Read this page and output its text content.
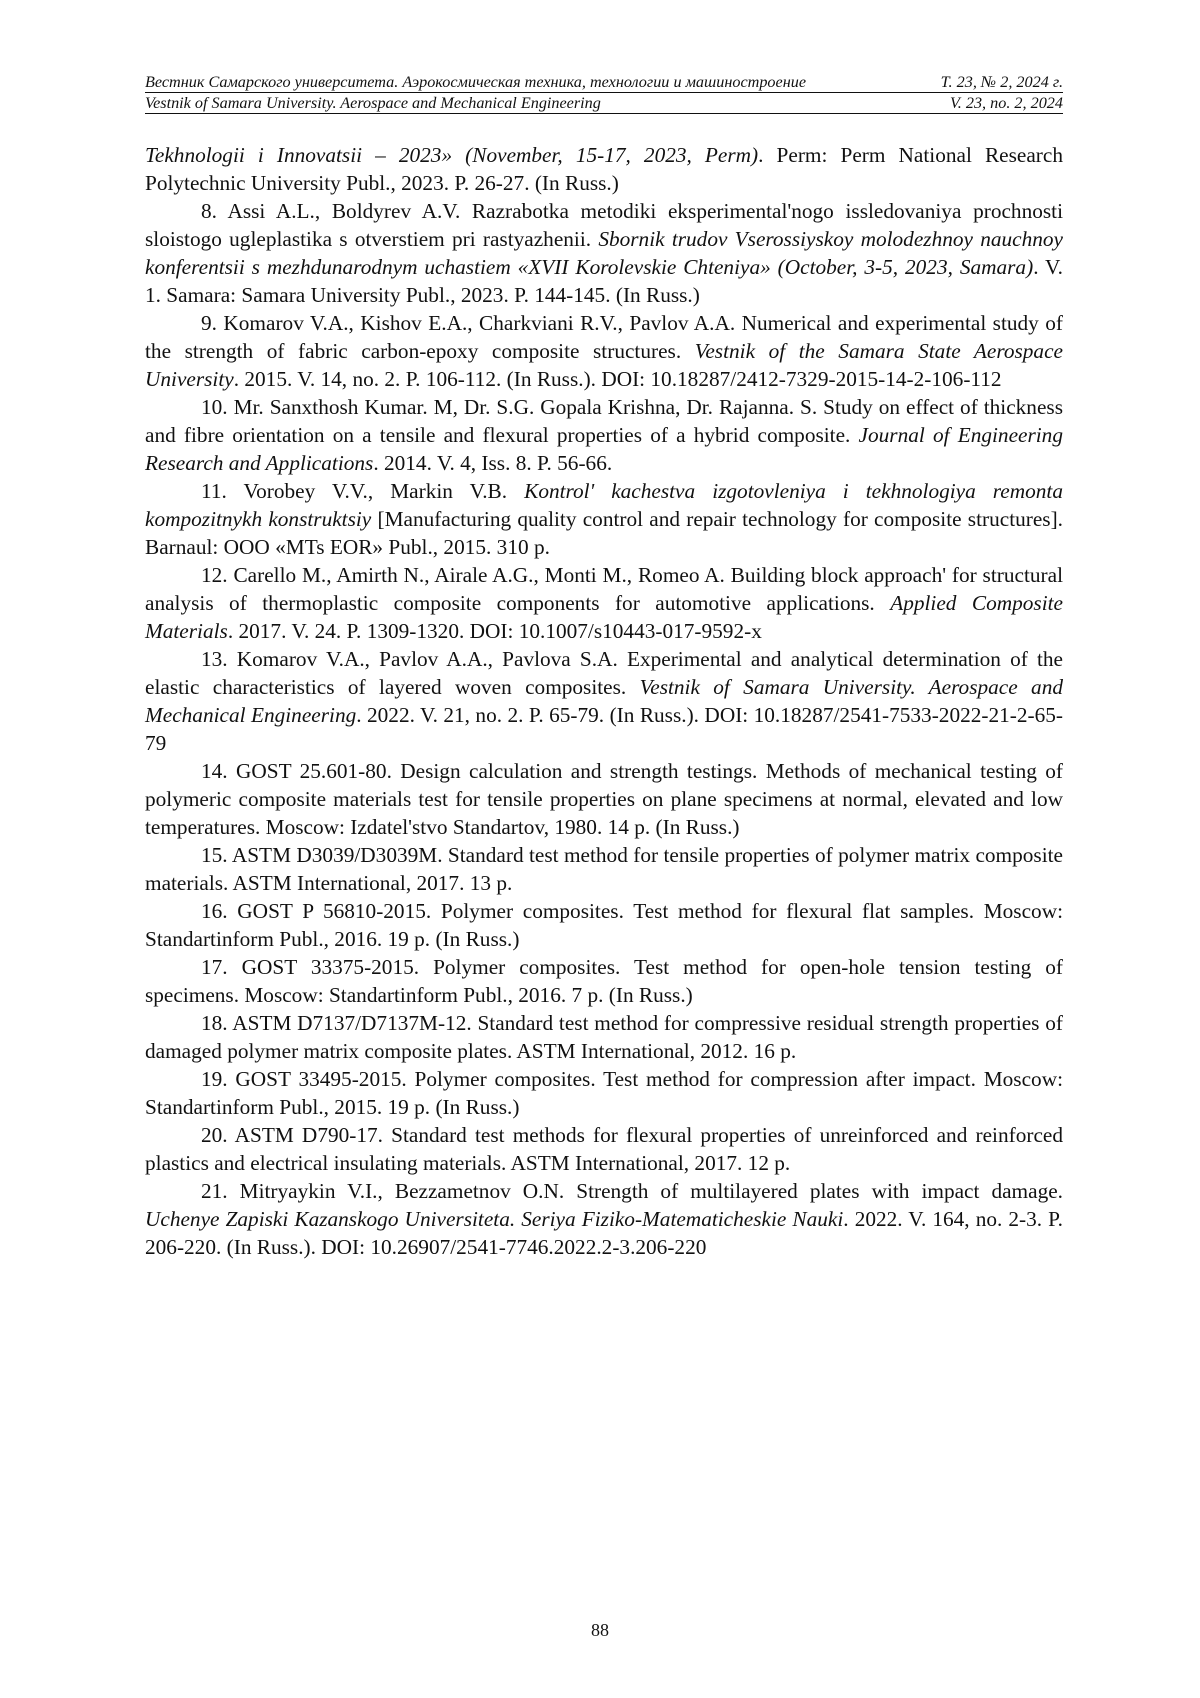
Вестник Самарского университета. Аэрокосмическая техника, технологии и машиностроение	Т. 23, № 2, 2024 г.
Vestnik of Samara University. Aerospace and Mechanical Engineering	V. 23, no. 2, 2024

Tekhnologii i Innovatsii – 2023» (November, 15-17, 2023, Perm). Perm: Perm National Research Polytechnic University Publ., 2023. P. 26-27. (In Russ.)

8. Assi A.L., Boldyrev A.V. Razrabotka metodiki eksperimental'nogo issledovaniya prochnosti sloistogo ugleplastika s otverstiem pri rastyazhenii. Sbornik trudov Vserossiyskoy molodezhnoy nauchnoy konferentsii s mezhdunarodnym uchastiem «XVII Korolevskie Chteniya» (October, 3-5, 2023, Samara). V. 1. Samara: Samara University Publ., 2023. P. 144-145. (In Russ.)

9. Komarov V.A., Kishov E.A., Charkviani R.V., Pavlov A.A. Numerical and experimental study of the strength of fabric carbon-epoxy composite structures. Vestnik of the Samara State Aerospace University. 2015. V. 14, no. 2. P. 106-112. (In Russ.). DOI: 10.18287/2412-7329-2015-14-2-106-112

10. Mr. Sanxthosh Kumar. M, Dr. S.G. Gopala Krishna, Dr. Rajanna. S. Study on effect of thickness and fibre orientation on a tensile and flexural properties of a hybrid composite. Journal of Engineering Research and Applications. 2014. V. 4, Iss. 8. P. 56-66.

11. Vorobey V.V., Markin V.B. Kontrol' kachestva izgotovleniya i tekhnologiya remonta kompozitnykh konstruktsiy [Manufacturing quality control and repair technology for composite structures]. Barnaul: OOO «MTs EOR» Publ., 2015. 310 p.

12. Carello M., Amirth N., Airale A.G., Monti M., Romeo A. Building block approach' for structural analysis of thermoplastic composite components for automotive applications. Applied Composite Materials. 2017. V. 24. P. 1309-1320. DOI: 10.1007/s10443-017-9592-x

13. Komarov V.A., Pavlov A.A., Pavlova S.A. Experimental and analytical determination of the elastic characteristics of layered woven composites. Vestnik of Samara University. Aerospace and Mechanical Engineering. 2022. V. 21, no. 2. P. 65-79. (In Russ.). DOI: 10.18287/2541-7533-2022-21-2-65-79

14. GOST 25.601-80. Design calculation and strength testings. Methods of mechanical testing of polymeric composite materials test for tensile properties on plane specimens at normal, elevated and low temperatures. Moscow: Izdatel'stvo Standartov, 1980. 14 p. (In Russ.)

15. ASTM D3039/D3039M. Standard test method for tensile properties of polymer matrix composite materials. ASTM International, 2017. 13 p.

16. GOST P 56810-2015. Polymer composites. Test method for flexural flat samples. Moscow: Standartinform Publ., 2016. 19 p. (In Russ.)

17. GOST 33375-2015. Polymer composites. Test method for open-hole tension testing of specimens. Moscow: Standartinform Publ., 2016. 7 p. (In Russ.)

18. ASTM D7137/D7137M-12. Standard test method for compressive residual strength properties of damaged polymer matrix composite plates. ASTM International, 2012. 16 p.

19. GOST 33495-2015. Polymer composites. Test method for compression after impact. Moscow: Standartinform Publ., 2015. 19 p. (In Russ.)

20. ASTM D790-17. Standard test methods for flexural properties of unreinforced and reinforced plastics and electrical insulating materials. ASTM International, 2017. 12 p.

21. Mitryaykin V.I., Bezzametnov O.N. Strength of multilayered plates with impact damage. Uchenye Zapiski Kazanskogo Universiteta. Seriya Fiziko-Matematicheskie Nauki. 2022. V. 164, no. 2-3. P. 206-220. (In Russ.). DOI: 10.26907/2541-7746.2022.2-3.206-220

88
